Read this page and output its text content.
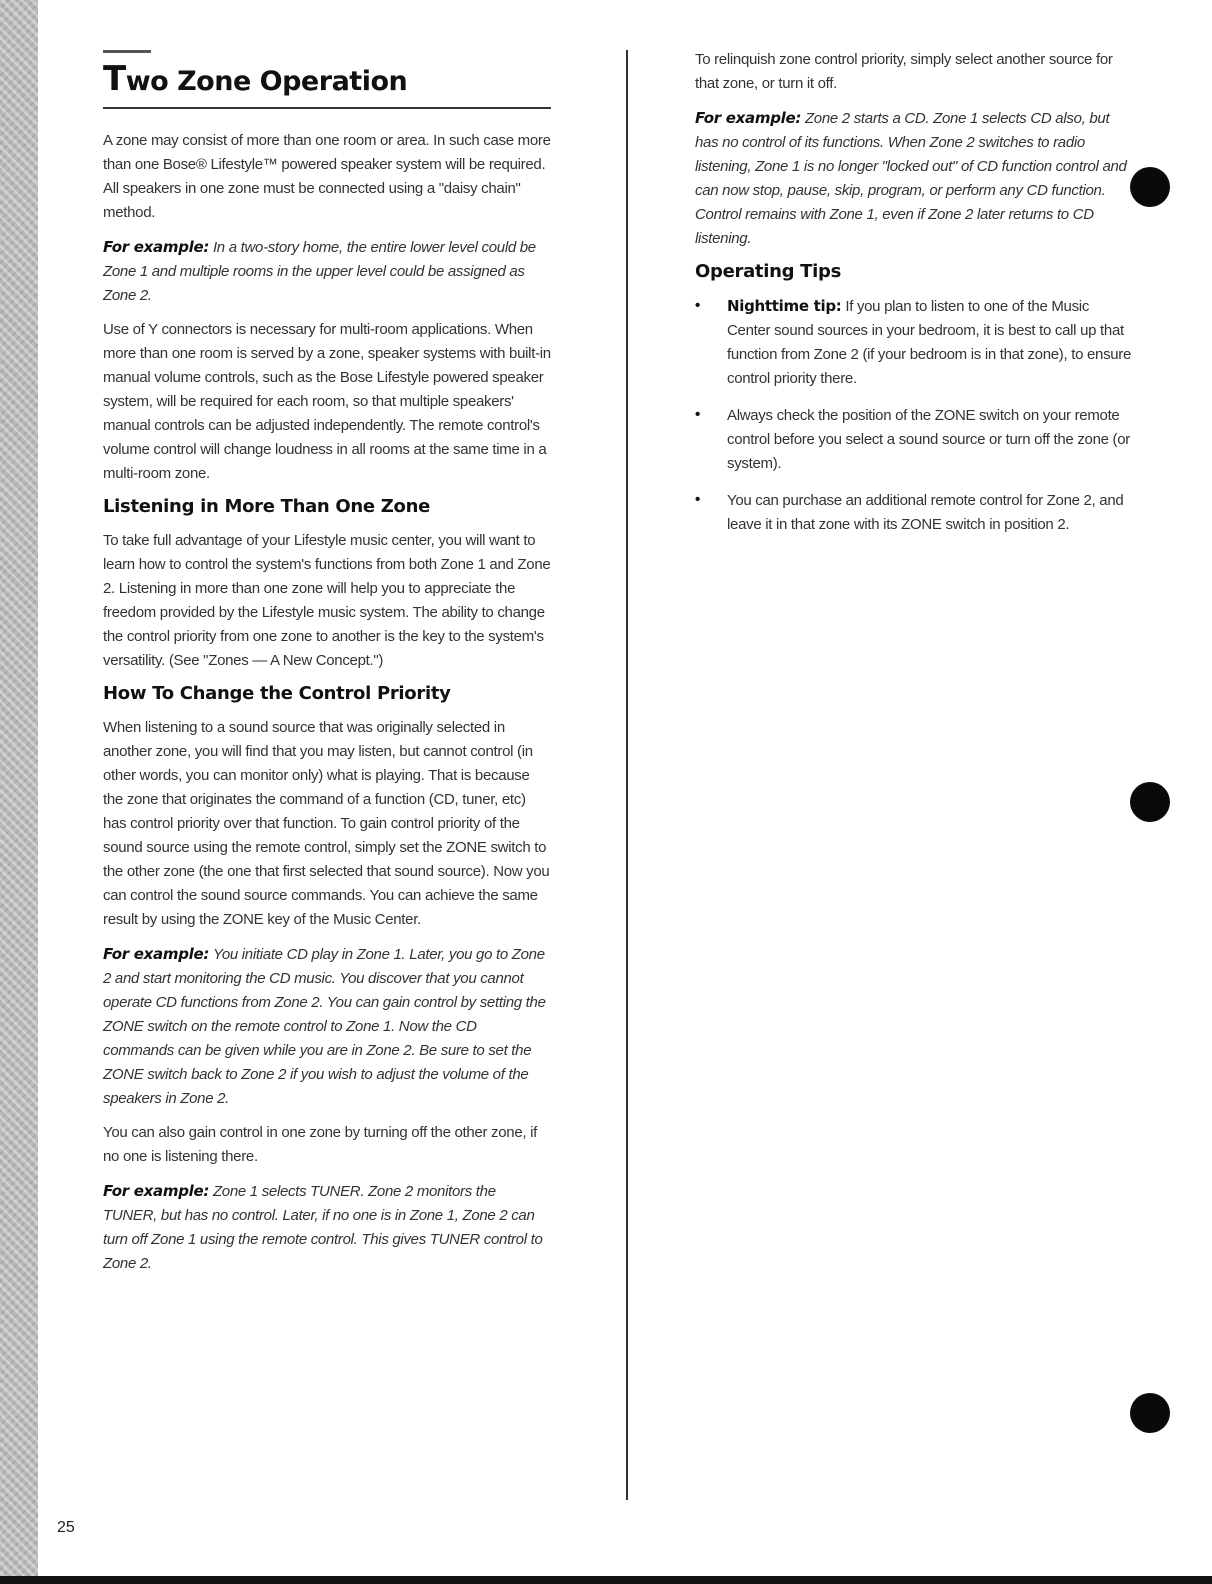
Two Zone Operation

A zone may consist of more than one room or area. In such case more than one Bose® Lifestyle™ powered speaker system will be required. All speakers in one zone must be connected using a "daisy chain" method.

For example: In a two-story home, the entire lower level could be Zone 1 and multiple rooms in the upper level could be assigned as Zone 2.

Use of Y connectors is necessary for multi-room applications. When more than one room is served by a zone, speaker systems with built-in manual volume controls, such as the Bose Lifestyle powered speaker system, will be required for each room, so that multiple speakers' manual controls can be adjusted independently. The remote control's volume control will change loudness in all rooms at the same time in a multi-room zone.

Listening in More Than One Zone

To take full advantage of your Lifestyle music center, you will want to learn how to control the system's functions from both Zone 1 and Zone 2. Listening in more than one zone will help you to appreciate the freedom provided by the Lifestyle music system. The ability to change the control priority from one zone to another is the key to the system's versatility. (See "Zones — A New Concept.")

How To Change the Control Priority

When listening to a sound source that was originally selected in another zone, you will find that you may listen, but cannot control (in other words, you can monitor only) what is playing. That is because the zone that originates the command of a function (CD, tuner, etc) has control priority over that function. To gain control priority of the sound source using the remote control, simply set the ZONE switch to the other zone (the one that first selected that sound source). Now you can control the sound source commands. You can achieve the same result by using the ZONE key of the Music Center.

For example: You initiate CD play in Zone 1. Later, you go to Zone 2 and start monitoring the CD music. You discover that you cannot operate CD functions from Zone 2. You can gain control by setting the ZONE switch on the remote control to Zone 1. Now the CD commands can be given while you are in Zone 2. Be sure to set the ZONE switch back to Zone 2 if you wish to adjust the volume of the speakers in Zone 2.

You can also gain control in one zone by turning off the other zone, if no one is listening there.

For example: Zone 1 selects TUNER. Zone 2 monitors the TUNER, but has no control. Later, if no one is in Zone 1, Zone 2 can turn off Zone 1 using the remote control. This gives TUNER control to Zone 2.

To relinquish zone control priority, simply select another source for that zone, or turn it off.

For example: Zone 2 starts a CD. Zone 1 selects CD also, but has no control of its functions. When Zone 2 switches to radio listening, Zone 1 is no longer "locked out" of CD function control and can now stop, pause, skip, program, or perform any CD function. Control remains with Zone 1, even if Zone 2 later returns to CD listening.

Operating Tips
• Nighttime tip: If you plan to listen to one of the Music Center sound sources in your bedroom, it is best to call up that function from Zone 2 (if your bedroom is in that zone), to ensure control priority there.
• Always check the position of the ZONE switch on your remote control before you select a sound source or turn off the zone (or system).
• You can purchase an additional remote control for Zone 2, and leave it in that zone with its ZONE switch in position 2.
25
